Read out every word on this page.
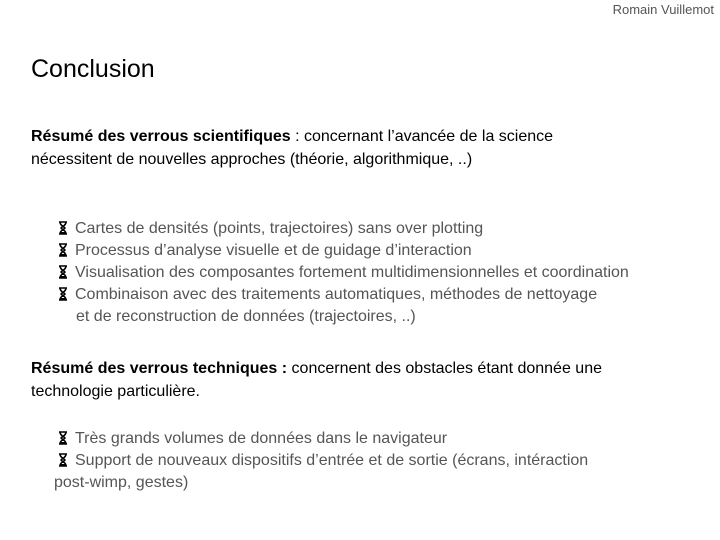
Romain Vuillemot
Conclusion
Résumé des verrous scientifiques : concernant l’avancée de la science
nécessitent de nouvelles approches (théorie, algorithmique, ..)
Cartes de densités (points, trajectoires) sans over plotting
Processus d’analyse visuelle et de guidage d’interaction
Visualisation des composantes fortement multidimensionnelles et coordination
Combinaison avec des traitements automatiques, méthodes de nettoyage
et de reconstruction de données (trajectoires, ..)
Résumé des verrous techniques : concernent des obstacles étant donnée une
technologie particulière.
Très grands volumes de données dans le navigateur
Support de nouveaux dispositifs d’entrée et de sortie (écrans, intéraction
post-wimp, gestes)
